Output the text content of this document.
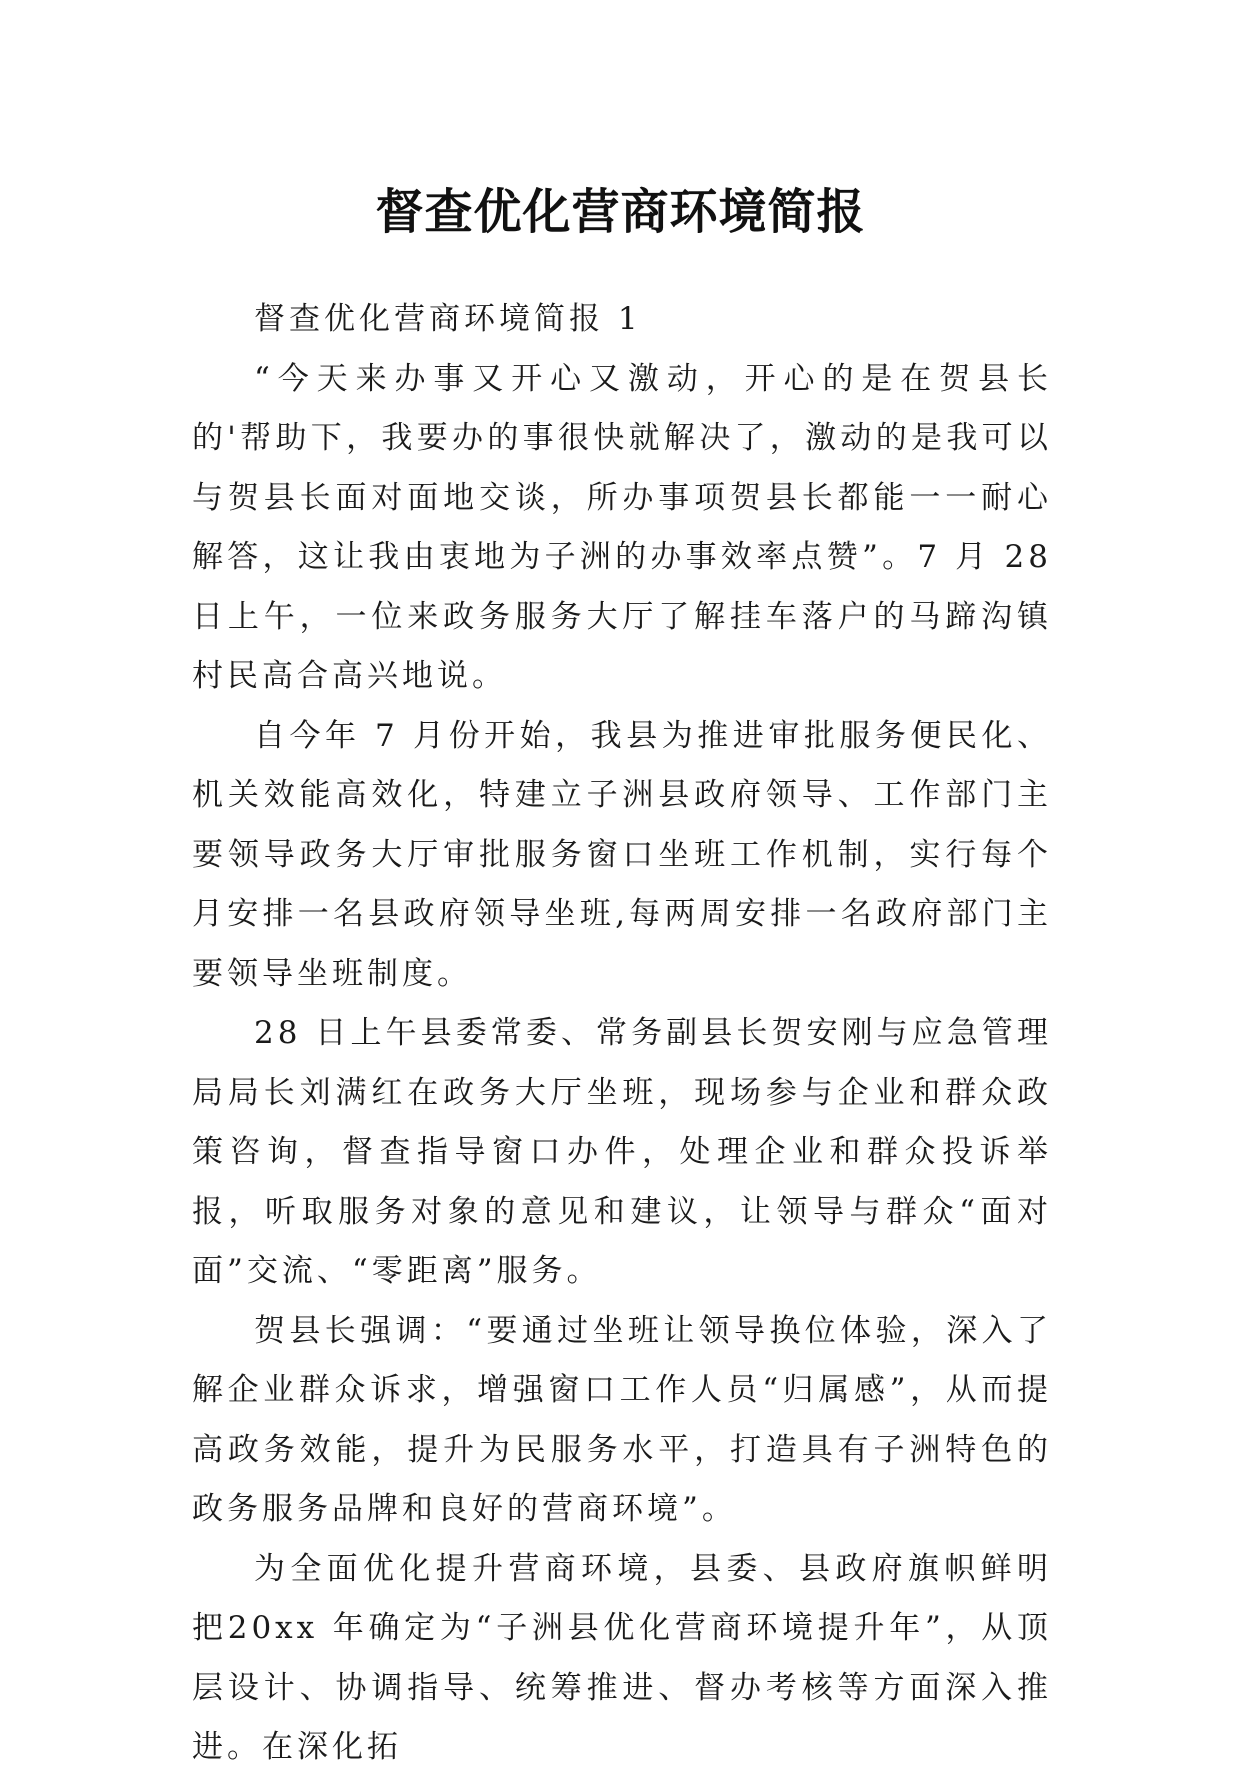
督查优化营商环境简报

督查优化营商环境简报 1

“今天来办事又开心又激动，开心的是在贺县长的'帮助下，我要办的事很快就解决了，激动的是我可以与贺县长面对面地交谈，所办事项贺县长都能一一耐心解答，这让我由衷地为子洲的办事效率点赞”。7 月 28 日上午，一位来政务服务大厅了解挂车落户的马蹄沟镇村民高合高兴地说。

自今年 7 月份开始，我县为推进审批服务便民化、机关效能高效化，特建立子洲县政府领导、工作部门主要领导政务大厅审批服务窗口坐班工作机制，实行每个月安排一名县政府领导坐班,每两周安排一名政府部门主要领导坐班制度。

28 日上午县委常委、常务副县长贺安刚与应急管理局局长刘满红在政务大厅坐班，现场参与企业和群众政策咨询，督查指导窗口办件，处理企业和群众投诉举报，听取服务对象的意见和建议，让领导与群众“面对面”交流、“零距离”服务。

贺县长强调：“要通过坐班让领导换位体验，深入了解企业群众诉求，增强窗口工作人员“归属感”，从而提高政务效能，提升为民服务水平，打造具有子洲特色的政务服务品牌和良好的营商环境”。

为全面优化提升营商环境，县委、县政府旗帜鲜明把20xx 年确定为“子洲县优化营商环境提升年”，从顶层设计、协调指导、统筹推进、督办考核等方面深入推进。在深化拓
